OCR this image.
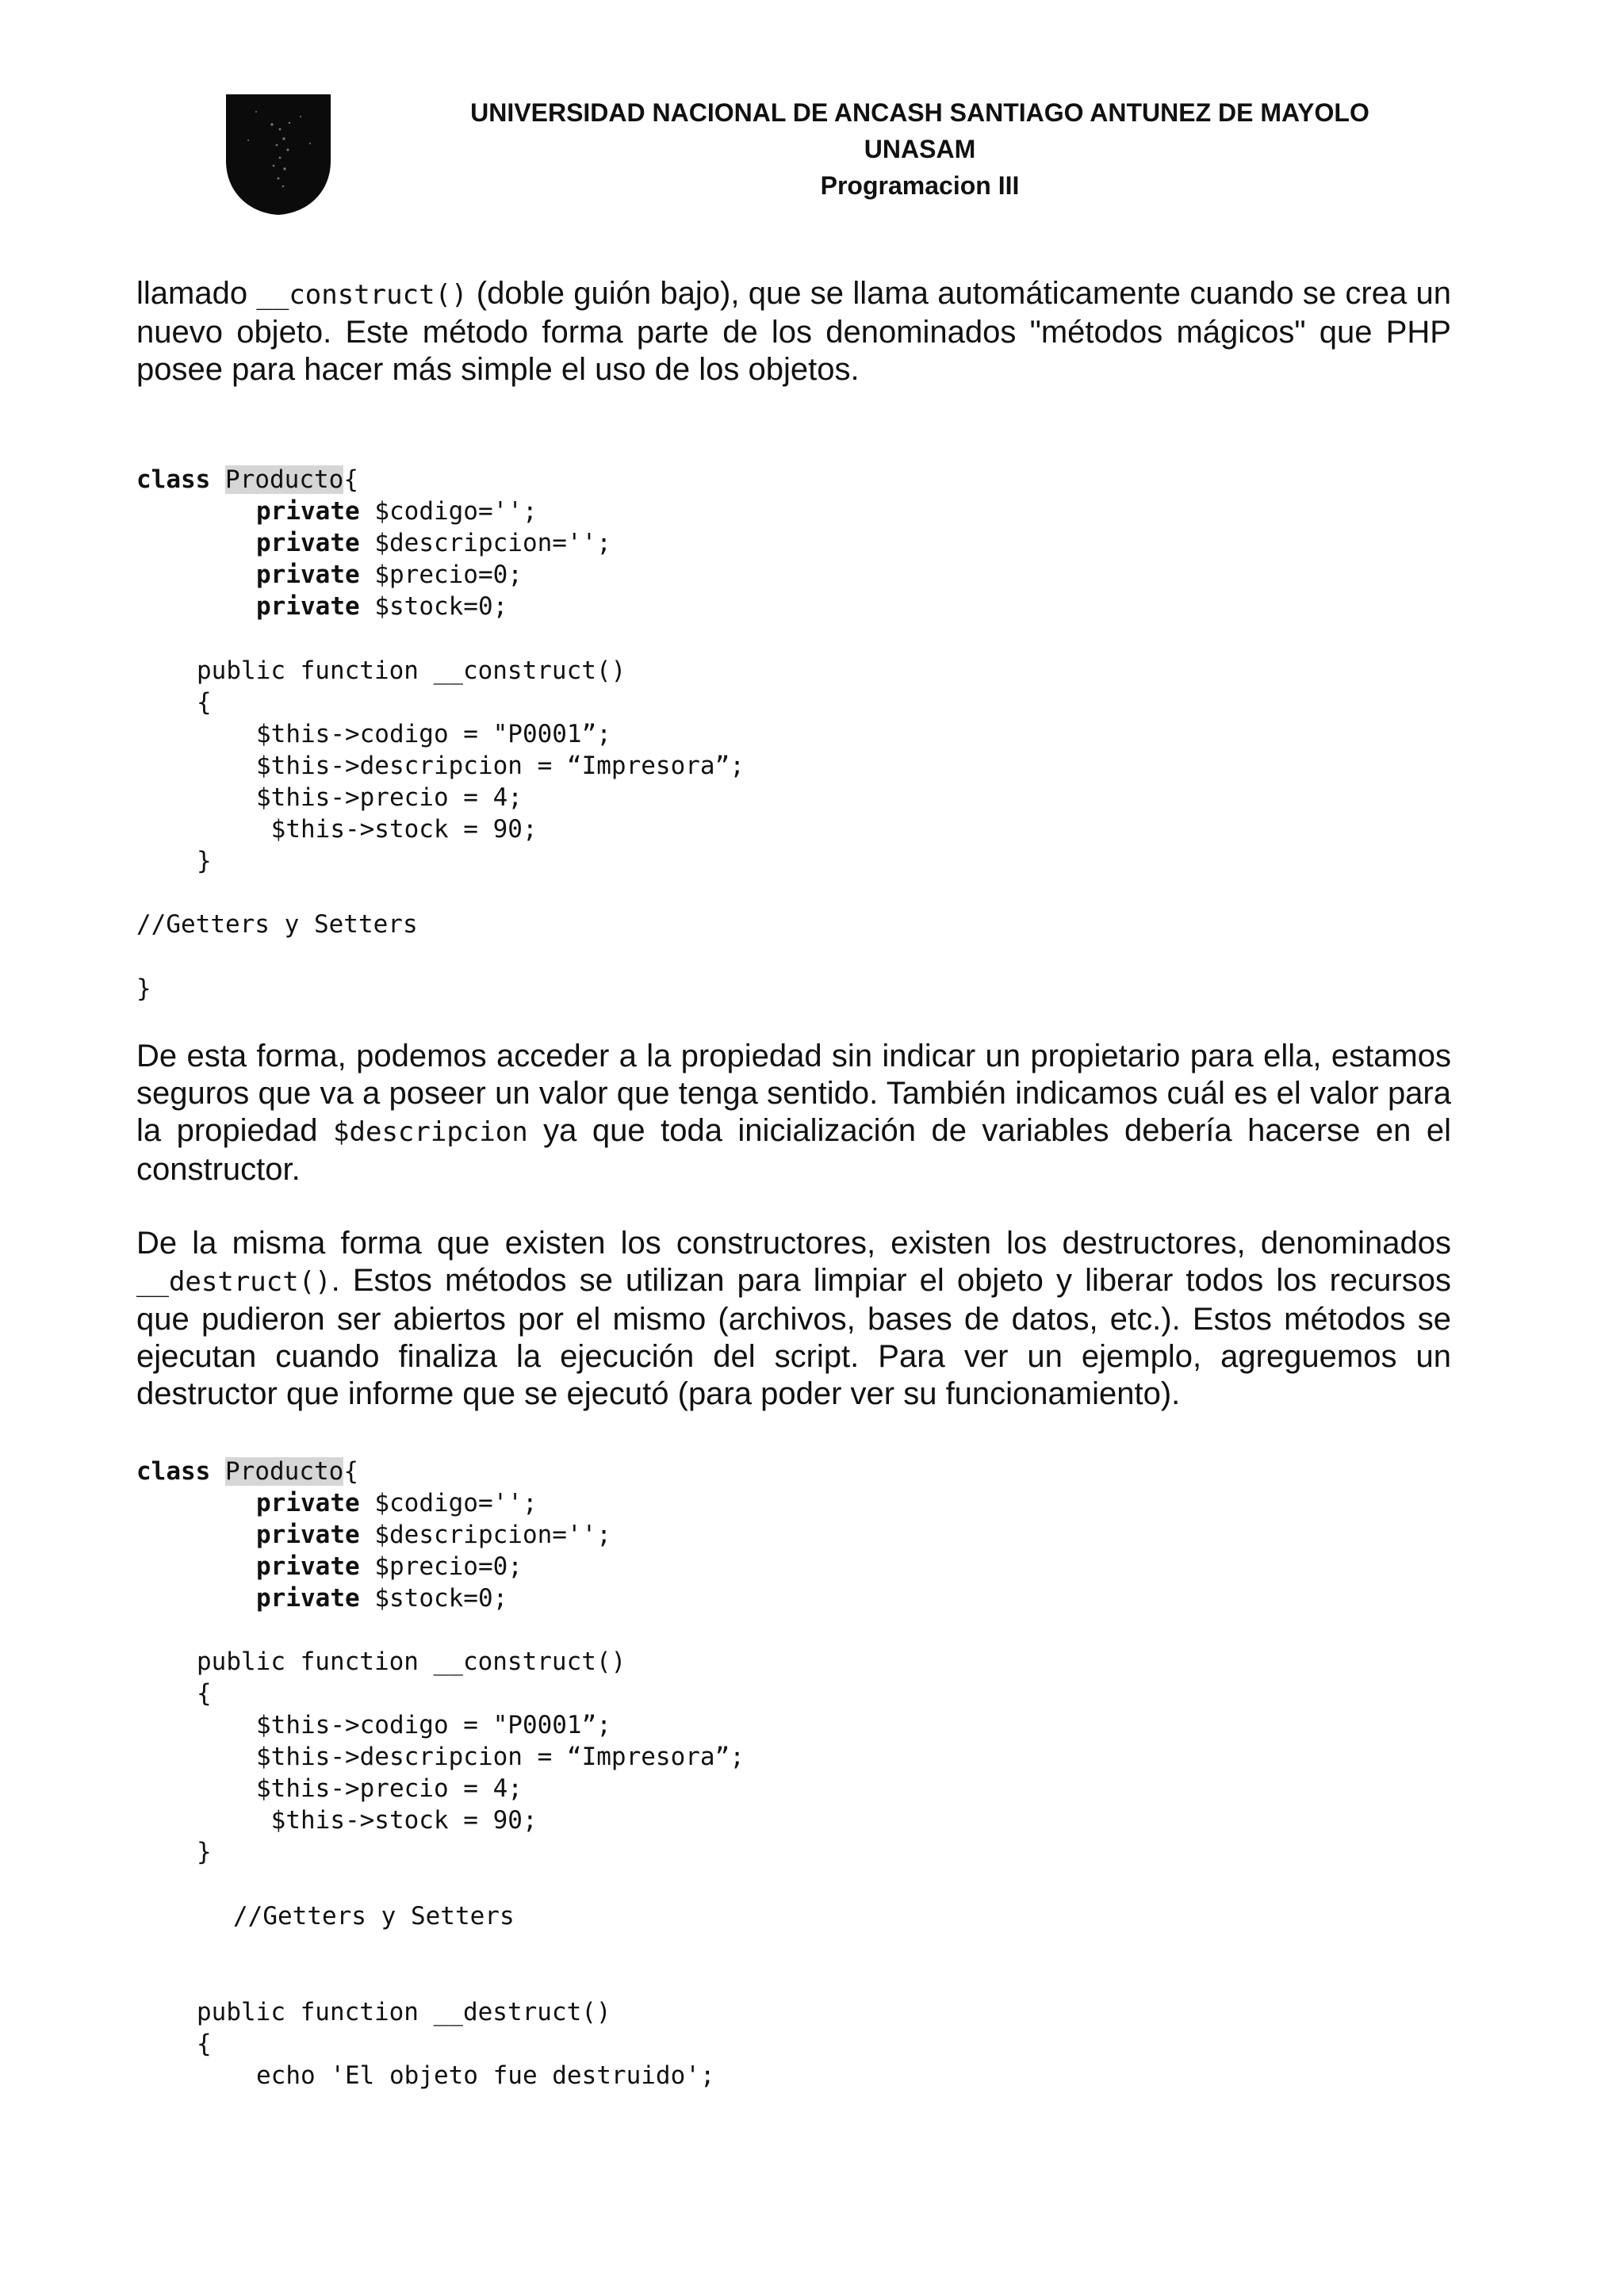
UNIVERSIDAD NACIONAL DE ANCASH SANTIAGO ANTUNEZ DE MAYOLO
UNASAM
Programacion III

llamado __construct() (doble guión bajo), que se llama automáticamente cuando se crea un nuevo objeto. Este método forma parte de los denominados "métodos mágicos" que PHP posee para hacer más simple el uso de los objetos.

class Producto{
private $codigo='';
private $descripcion='';
private $precio=0;
private $stock=0;
public function __construct()
{
$this->codigo = "P0001”;
$this->descripcion = “Impresora”;
$this->precio = 4;
$this->stock = 90;
}
//Getters y Setters
}

De esta forma, podemos acceder a la propiedad sin indicar un propietario para ella, estamos seguros que va a poseer un valor que tenga sentido. También indicamos cuál es el valor para la propiedad $descripcion ya que toda inicialización de variables debería hacerse en el constructor.

De la misma forma que existen los constructores, existen los destructores, denominados __destruct(). Estos métodos se utilizan para limpiar el objeto y liberar todos los recursos que pudieron ser abiertos por el mismo (archivos, bases de datos, etc.). Estos métodos se ejecutan cuando finaliza la ejecución del script. Para ver un ejemplo, agreguemos un destructor que informe que se ejecutó (para poder ver su funcionamiento).

class Producto{
private $codigo='';
private $descripcion='';
private $precio=0;
private $stock=0;
public function __construct()
{
$this->codigo = "P0001”;
$this->descripcion = “Impresora”;
$this->precio = 4;
$this->stock = 90;
}
//Getters y Setters
public function __destruct()
{
echo 'El objeto fue destruido';
